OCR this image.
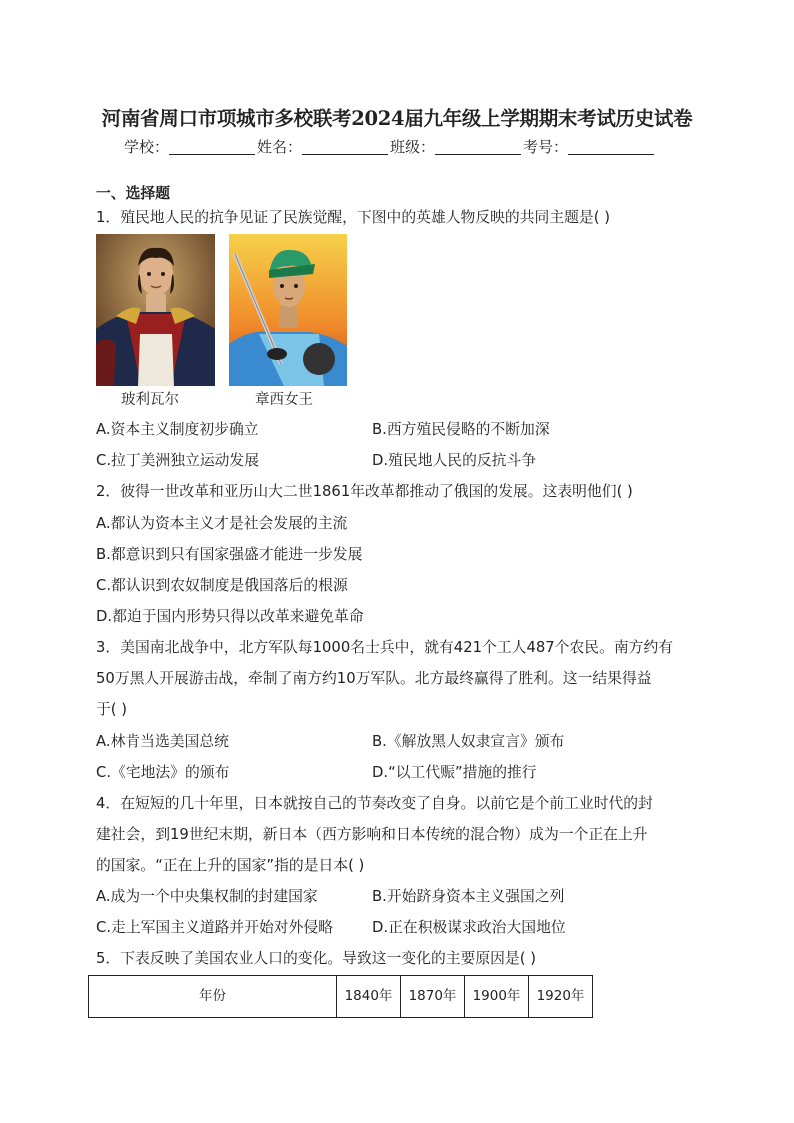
河南省周口市项城市多校联考2024届九年级上学期期末考试历史试卷
学校：	姓名：	班级：	考号：
一、选择题
1．殖民地人民的抗争见证了民族觉醒，下图中的英雄人物反映的共同主题是( )
玻利瓦尔	章西女王
A.资本主义制度初步确立	B.西方殖民侵略的不断加深
C.拉丁美洲独立运动发展	D.殖民地人民的反抗斗争
2．彼得一世改革和亚历山大二世1861年改革都推动了俄国的发展。这表明他们( )
A.都认为资本主义才是社会发展的主流
B.都意识到只有国家强盛才能进一步发展
C.都认识到农奴制度是俄国落后的根源
D.都迫于国内形势只得以改革来避免革命
3．美国南北战争中，北方军队每1000名士兵中，就有421个工人487个农民。南方约有
50万黑人开展游击战，牵制了南方约10万军队。北方最终赢得了胜利。这一结果得益
于( )
A.林肯当选美国总统	B.《解放黑人奴隶宣言》颁布
C.《宅地法》的颁布	D.“以工代赈”措施的推行
4．在短短的几十年里，日本就按自己的节奏改变了自身。以前它是个前工业时代的封
建社会，到19世纪末期，新日本（西方影响和日本传统的混合物）成为一个正在上升
的国家。“正在上升的国家”指的是日本( )
A.成为一个中央集权制的封建国家	B.开始跻身资本主义强国之列
C.走上军国主义道路并开始对外侵略	D.正在积极谋求政治大国地位
5．下表反映了美国农业人口的变化。导致这一变化的主要原因是( )
年份	1840年	1870年	1900年	1920年
